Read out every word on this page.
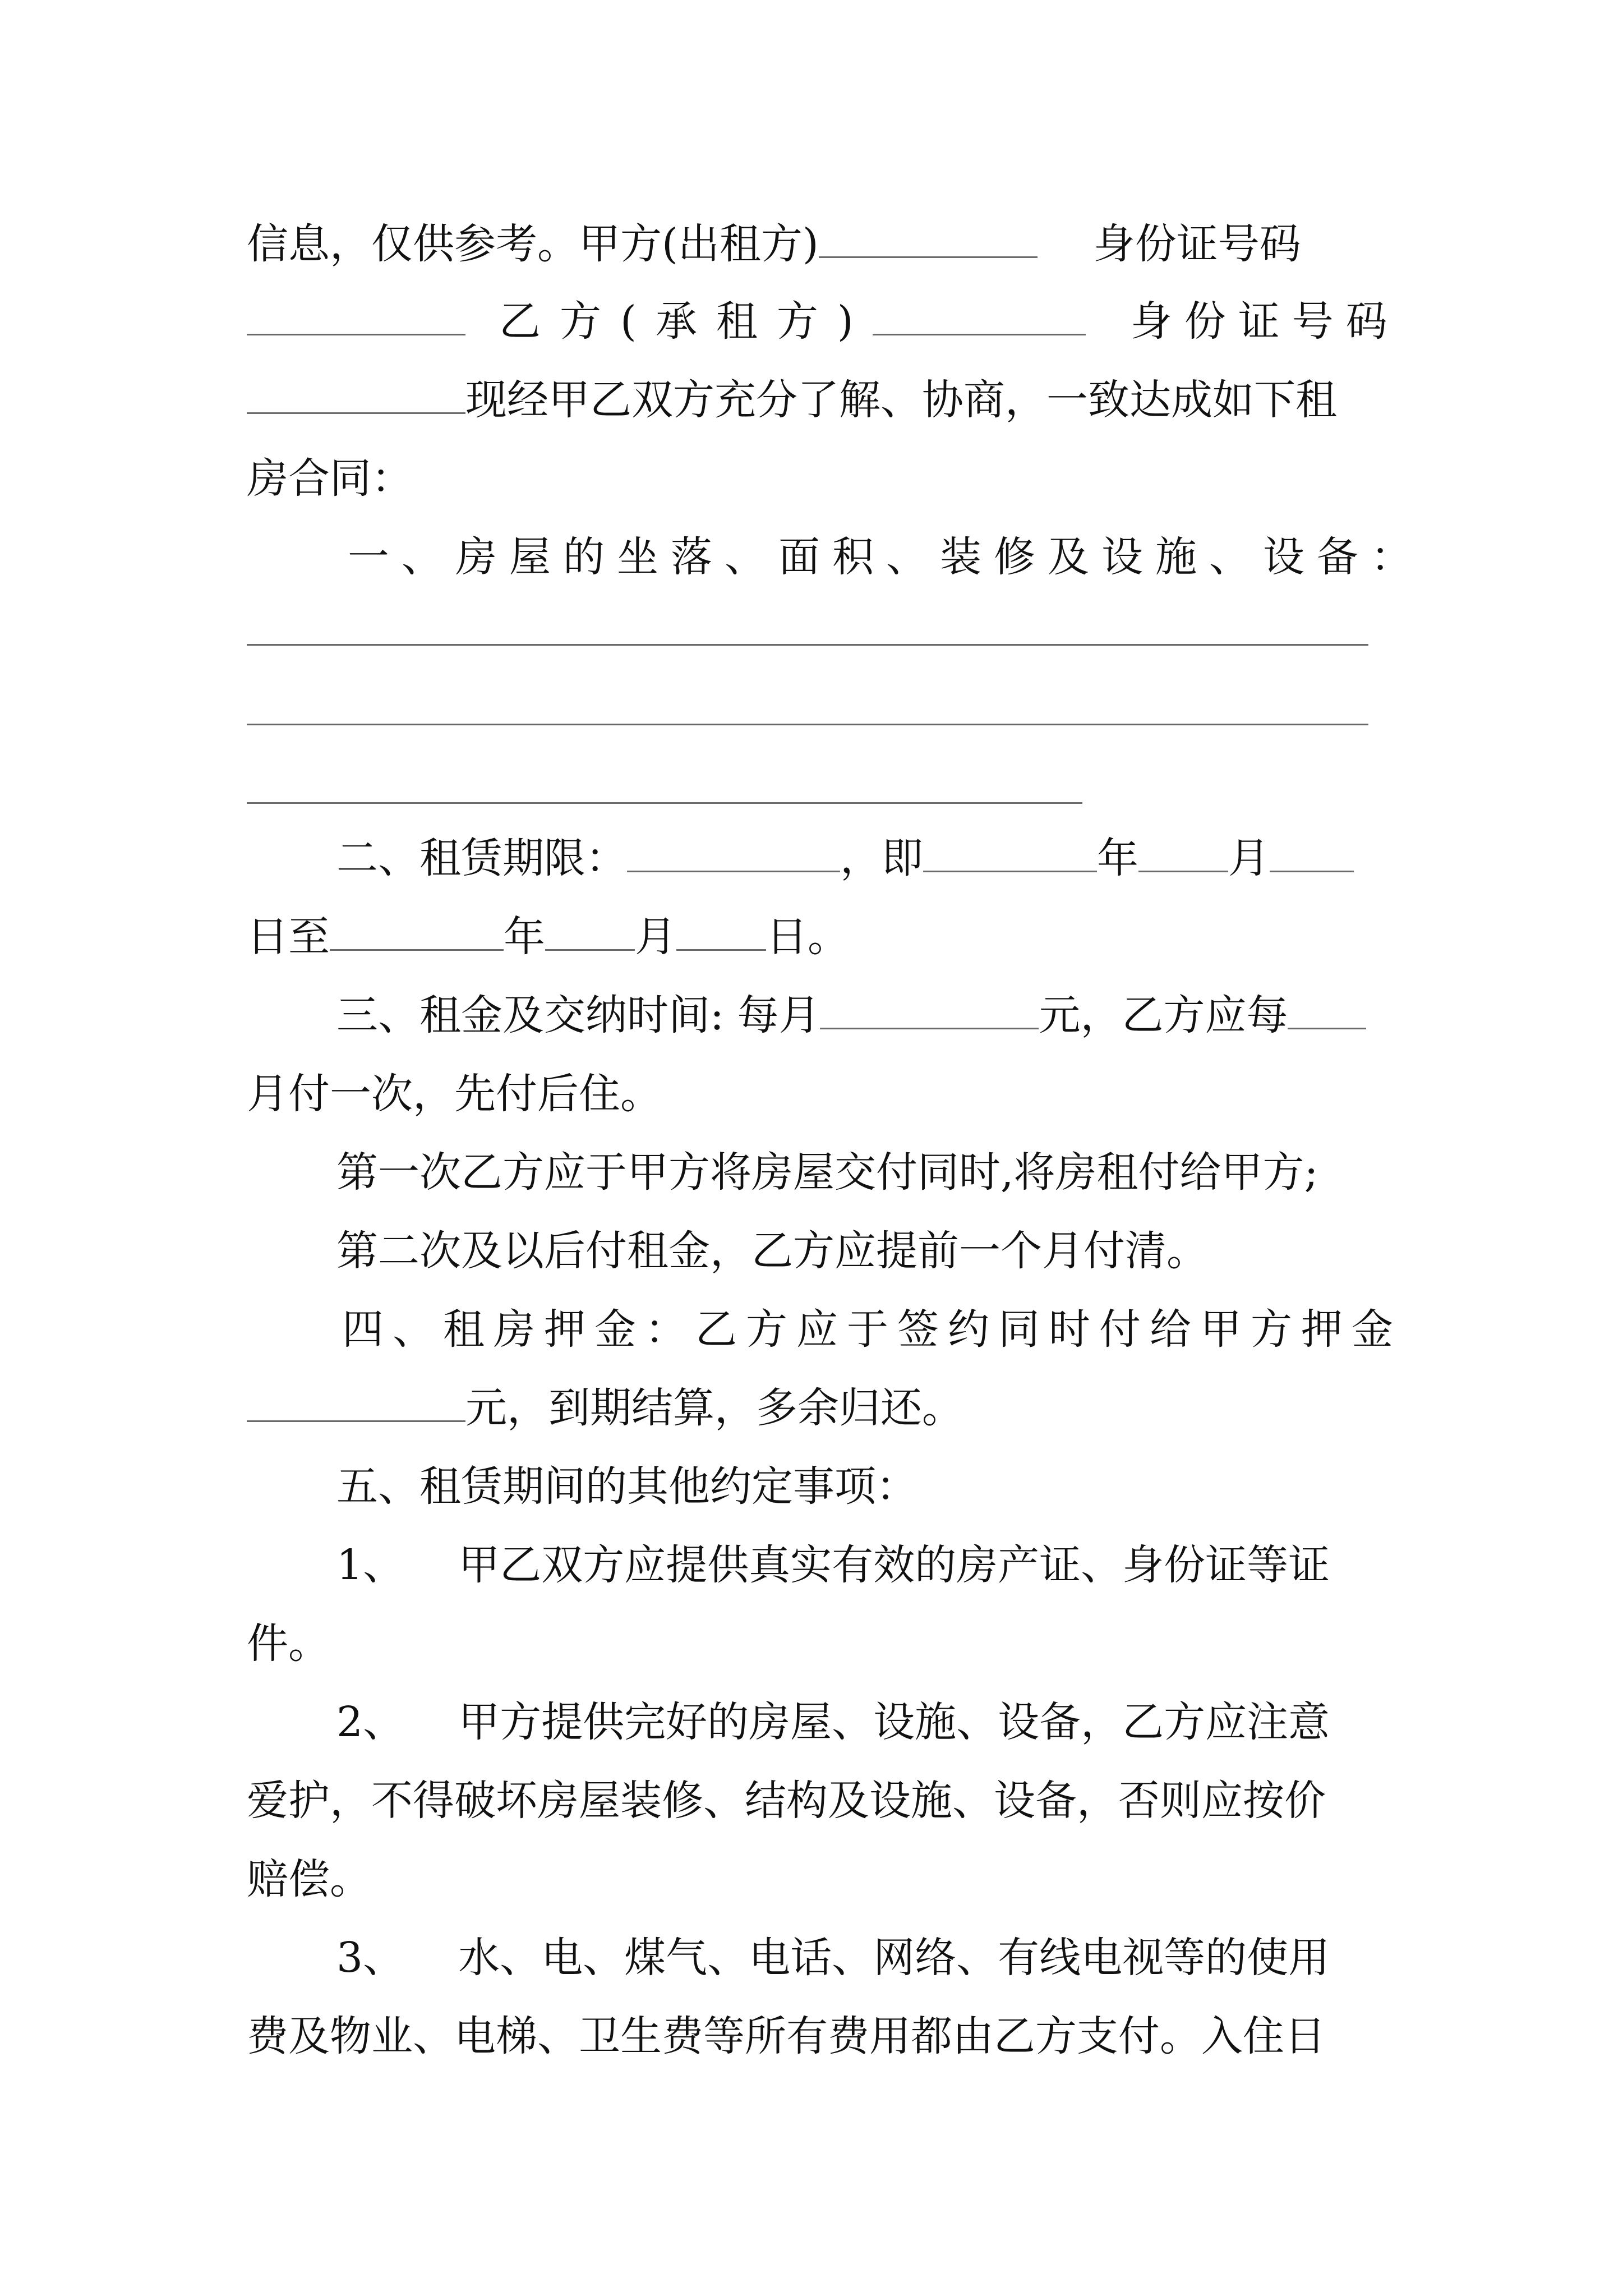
信息，仅供参考。甲方(出租方)	身份证号码
乙方(承租方)	身份证号码
现经甲乙双方充分了解、协商，一致达成如下租
房合同：
一、房屋的坐落、面积、装修及设施、设备：
二、租赁期限：	，即	年 月
日至	年 月 日。
三、租金及交纳时间: 每月	元，乙方应每
月付一次，先付后住。
第一次乙方应于甲方将房屋交付同时,将房租付给甲方;
第二次及以后付租金，乙方应提前一个月付清。
四、租房押金：乙方应于签约同时付给甲方押金
元，到期结算，多余归还。
五、租赁期间的其他约定事项：
1、 甲乙双方应提供真实有效的房产证、身份证等证
件。
2、 甲方提供完好的房屋、设施、设备，乙方应注意
爱护，不得破坏房屋装修、结构及设施、设备，否则应按价
赔偿。
3、 水、电、煤气、电话、网络、有线电视等的使用
费及物业、电梯、卫生费等所有费用都由乙方支付。入住日
